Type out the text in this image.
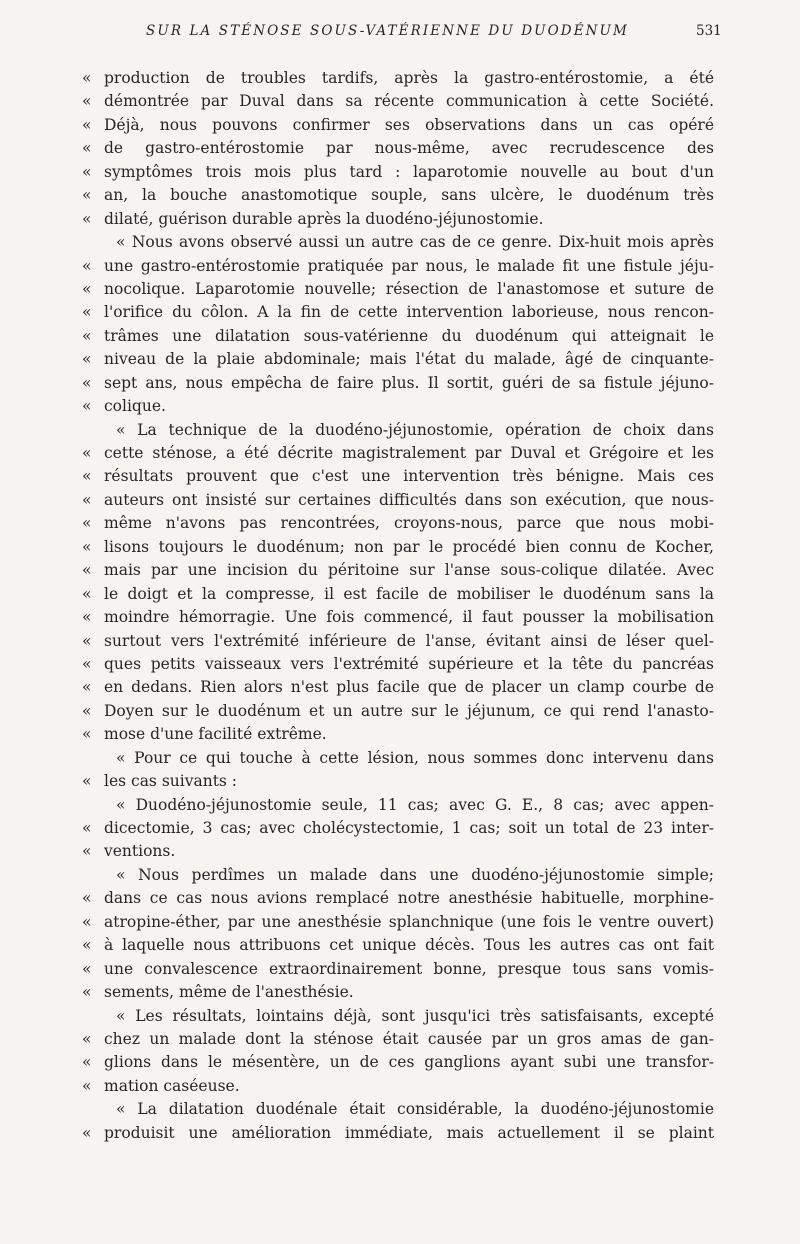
SUR LA STÉNOSE SOUS-VATÉRIENNE DU DUODÉNUM	531
« production de troubles tardifs, après la gastro-entérostomie, a été
« démontrée par Duval dans sa récente communication à cette Société.
« Déjà, nous pouvons confirmer ses observations dans un cas opéré
« de gastro-entérostomie par nous-même, avec recrudescence des
« symptômes trois mois plus tard : laparotomie nouvelle au bout d'un
« an, la bouche anastomotique souple, sans ulcère, le duodénum très
« dilaté, guérison durable après la duodéno-jéjunostomie.
« Nous avons observé aussi un autre cas de ce genre. Dix-huit mois après
« une gastro-entérostomie pratiquée par nous, le malade fit une fistule jéju-
« nocolique. Laparotomie nouvelle; résection de l'anastomose et suture de
« l'orifice du côlon. A la fin de cette intervention laborieuse, nous rencon-
« trâmes une dilatation sous-vatérienne du duodénum qui atteignait le
« niveau de la plaie abdominale; mais l'état du malade, âgé de cinquante-
« sept ans, nous empêcha de faire plus. Il sortit, guéri de sa fistule jéjuno-
« colique.
« La technique de la duodéno-jéjunostomie, opération de choix dans
« cette sténose, a été décrite magistralement par Duval et Grégoire et les
« résultats prouvent que c'est une intervention très bénigne. Mais ces
« auteurs ont insisté sur certaines difficultés dans son exécution, que nous-
« même n'avons pas rencontrées, croyons-nous, parce que nous mobi-
« lisons toujours le duodénum; non par le procédé bien connu de Kocher,
« mais par une incision du péritoine sur l'anse sous-colique dilatée. Avec
« le doigt et la compresse, il est facile de mobiliser le duodénum sans la
« moindre hémorragie. Une fois commencé, il faut pousser la mobilisation
« surtout vers l'extrémité inférieure de l'anse, évitant ainsi de léser quel-
« ques petits vaisseaux vers l'extrémité supérieure et la tête du pancréas
« en dedans. Rien alors n'est plus facile que de placer un clamp courbe de
« Doyen sur le duodénum et un autre sur le jéjunum, ce qui rend l'anasto-
« mose d'une facilité extrême.
« Pour ce qui touche à cette lésion, nous sommes donc intervenu dans
« les cas suivants :
« Duodéno-jéjunostomie seule, 11 cas; avec G. E., 8 cas; avec appen-
« dicectomie, 3 cas; avec cholécystectomie, 1 cas; soit un total de 23 inter-
« ventions.
« Nous perdîmes un malade dans une duodéno-jéjunostomie simple;
« dans ce cas nous avions remplacé notre anesthésie habituelle, morphine-
« atropine-éther, par une anesthésie splanchnique (une fois le ventre ouvert)
« à laquelle nous attribuons cet unique décès. Tous les autres cas ont fait
« une convalescence extraordinairement bonne, presque tous sans vomis-
« sements, même de l'anesthésie.
« Les résultats, lointains déjà, sont jusqu'ici très satisfaisants, excepté
« chez un malade dont la sténose était causée par un gros amas de gan-
« glions dans le mésentère, un de ces ganglions ayant subi une transfor-
« mation caséeuse.
« La dilatation duodénale était considérable, la duodéno-jéjunostomie
« produisit une amélioration immédiate, mais actuellement il se plaint
